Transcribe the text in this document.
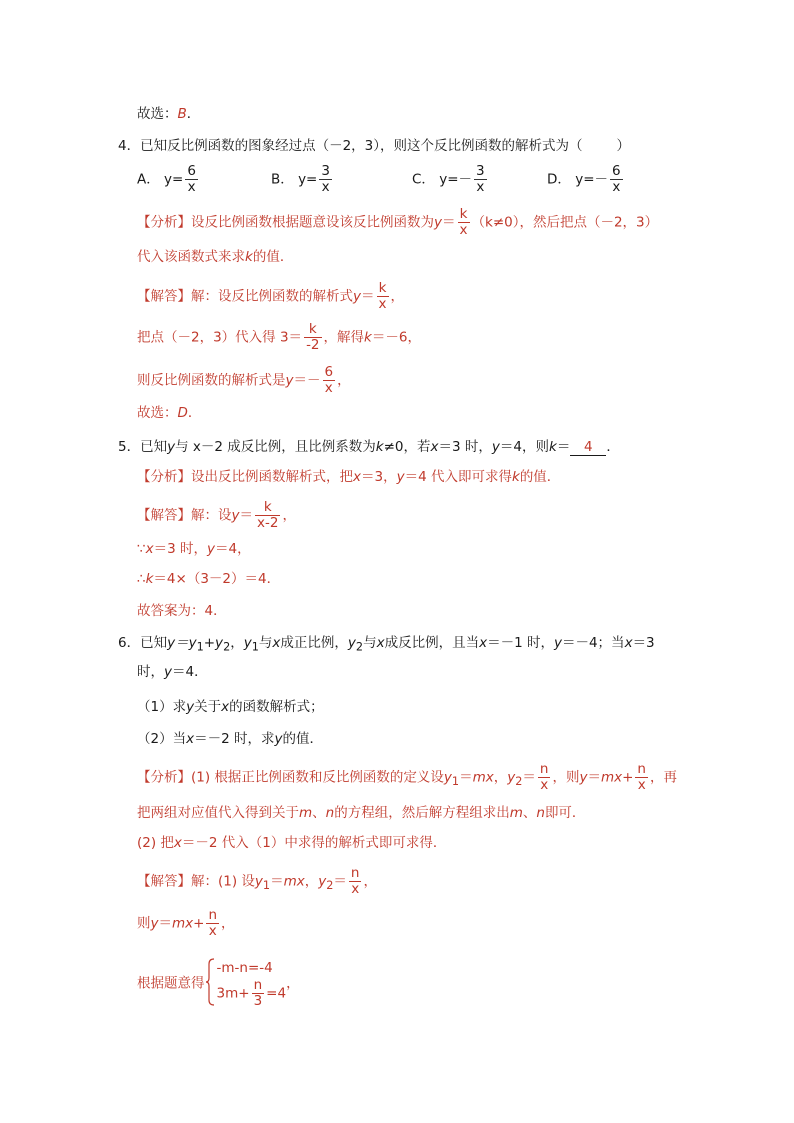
故选：B．
4．已知反比例函数的图象经过点（－2，3），则这个反比例函数的解析式为（	）
A． $y= \frac{6}{x}$	B． $y= \frac{3}{x}$	C． $y=- \frac{3}{x}$	D． $y=- \frac{6}{x}$
【分析】设反比例函数根据题意设该反比例函数为$y= \frac{k}{x} (k\ne 0)$，然后把点（－2，3）
代入该函数式来求k的值．
【解答】解：设反比例函数的解析式$y= \frac{k}{x}$ ，
把点（－2，3）代入得 $3= \frac{k}{-2}$ ，解得k＝－6，
则反比例函数的解析式是$y=- \frac{6}{x}$ ，
故选：D．
5．已知y与 x－2 成反比例，且比例系数为k≠0，若x＝3 时，y＝4，则k＝ 4 ．
【分析】设出反比例函数解析式，把x＝3，y＝4 代入即可求得k的值．
【解答】解：设$y= \frac{k}{x-2}$ ，
∵x＝3 时，y＝4，
∴k＝4×（3－2）＝4．
故答案为：4．
6．已知$y=y_1+y_2$，$y_1$与x成正比例，$y_2$与x成反比例，且当x＝－1 时，y＝－4；当x＝3
时，y＝4．
（1）求y关于x的函数解析式；
（2）当x＝－2 时，求y的值．
【分析】(1) 根据正比例函数和反比例函数的定义设$y_1=mx$，$y_2= \frac{n}{x}$ ，则$y=mx+ \frac{n}{x}$ ，再
把两组对应值代入得到关于m、n的方程组，然后解方程组求出m、n即可．
(2) 把x＝－2 代入（1）中求得的解析式即可求得．
【解答】解：(1) 设$y_1=mx$，$y_2= \frac{n}{x}$ ，
则$y=mx+ \frac{n}{x}$ ，
根据题意得
-m-n=-4
$3m+ \frac{n}{3} =4$
，
